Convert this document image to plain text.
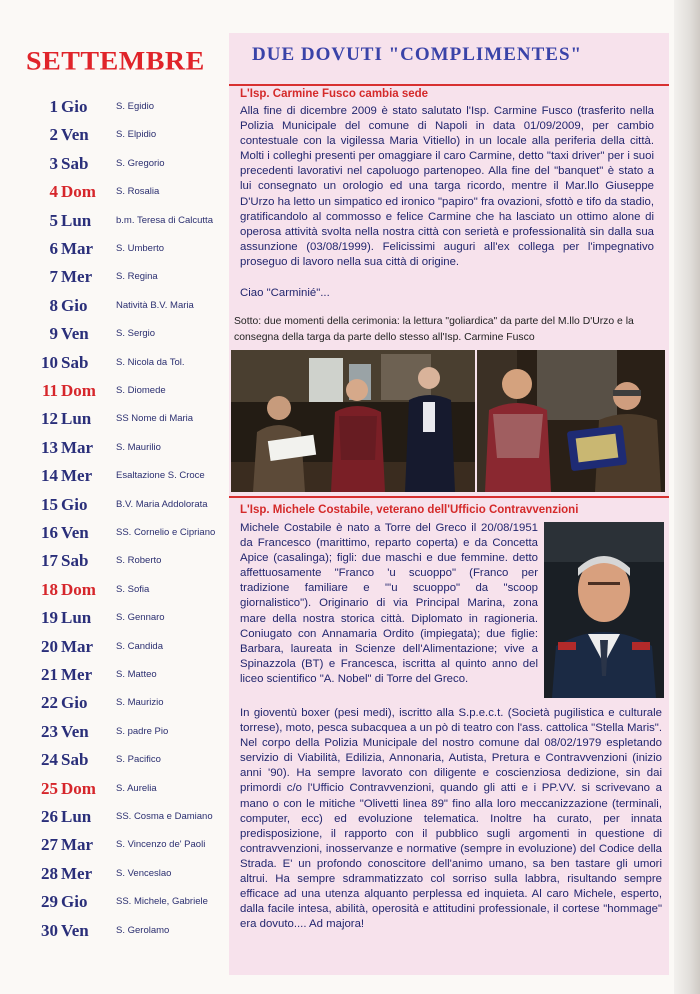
SETTEMBRE
1 Gio	S. Egidio
2 Ven	S. Elpidio
3 Sab	S. Gregorio
4 Dom S. Rosalia
5 Lun	b.m. Teresa di Calcutta
6 Mar S. Umberto
7 Mer	S. Regina
8 Gio	Natività B.V. Maria
9 Ven	S. Sergio
10 Sab	S. Nicola da Tol.
11 Dom S. Diomede
12 Lun	SS Nome di Maria
13 Mar S. Maurilio
14 Mer	Esaltazione S. Croce
15 Gio	B.V. Maria Addolorata
16 Ven	SS. Cornelio e Cipriano
17 Sab	S. Roberto
18 Dom S. Sofia
19 Lun	S. Gennaro
20 Mar S. Candida
21 Mer	S. Matteo
22 Gio	S. Maurizio
23 Ven	S. padre Pio
24 Sab	S. Pacifico
25 Dom S. Aurelia
26 Lun	SS. Cosma e Damiano
27 Mar S. Vincenzo de' Paoli
28 Mer	S. Venceslao
29 Gio	SS. Michele, Gabriele
30 Ven	S. Gerolamo
DUE DOVUTI "COMPLIMENTES"
L'Isp. Carmine Fusco cambia sede

Alla fine di dicembre 2009 è stato salutato l'Isp. Carmine Fusco (trasferito nella Polizia Municipale del comune di Napoli in data 01/09/2009, per cambio contestuale con la vigilessa Maria Vitiello) in un locale alla periferia della città. Molti i colleghi presenti per omaggiare il caro Carmine, detto "taxi driver" per i suoi precedenti lavorativi nel capoluogo partenopeo. Alla fine del "banquet" è stato a lui consegnato un orologio ed una targa ricordo, mentre il Mar.llo Giuseppe D'Urzo ha letto un simpatico ed ironico "papiro" fra ovazioni, sfottò e tifo da stadio, gratificandolo al commosso e felice Carmine che ha lasciato un ottimo alone di operosa attività svolta nella nostra città con serietà e professionalità sin dalla sua assunzione (03/08/1999). Felicissimi auguri all'ex collega per l'impegnativo proseguo di lavoro nella sua città di origine.

Ciao "Carminié"...

Sotto: due momenti della cerimonia: la lettura "goliardica" da parte del M.llo D'Urzo e la consegna della targa da parte dello stesso all'Isp. Carmine Fusco

L'Isp. Michele Costabile, veterano dell'Ufficio Contravvenzioni

Michele Costabile è nato a Torre del Greco il 20/08/1951 da Francesco (marittimo, reparto coperta) e da Concetta Apice (casalinga); figli: due maschi e due femmine. detto affettuosamente "Franco 'u scuoppo" (Franco per tradizione familiare e "'u scuoppo" da "scoop giornalistico"). Originario di via Principal Marina, zona mare della nostra storica città. Diplomato in ragioneria. Coniugato con Annamaria Ordito (impiegata); due figlie: Barbara, laureata in Scienze dell'Alimentazione; vive a Spinazzola (BT) e Francesca, iscritta al quinto anno del liceo scientifico "A. Nobel" di Torre del Greco.

In gioventù boxer (pesi medi), iscritto alla S.p.e.c.t. (Società pugilistica e culturale torrese), moto, pesca subacquea a un pò di teatro con l'ass. cattolica "Stella Maris". Nel corpo della Polizia Municipale del nostro comune dal 08/02/1979 espletando servizio di Viabilità, Edilizia, Annonaria, Autista, Pretura e Contravvenzioni (inizio anni '90). Ha sempre lavorato con diligente e coscienziosa dedizione, sin dai primordi c/o l'Ufficio Contravvenzioni, quando gli atti e i PP.VV. si scrivevano a mano o con le mitiche "Olivetti linea 89" fino alla loro meccanizzazione (terminali, computer, ecc) ed evoluzione telematica. Inoltre ha curato, per innata predisposizione, il rapporto con il pubblico sugli argomenti in questione di contravvenzioni, inosservanze e normative (sempre in evoluzione) del Codice della Strada. E' un profondo conoscitore dell'animo umano, sa ben tastare gli umori altrui. Ha sempre sdrammatizzato col sorriso sulla labbra, risultando sempre efficace ad una utenza alquanto perplessa ed inquieta. Al caro Michele, esperto, dalla facile intesa, abilità, operosità e attitudini professionale, il cortese "hommage" era dovuto.... Ad majora!
